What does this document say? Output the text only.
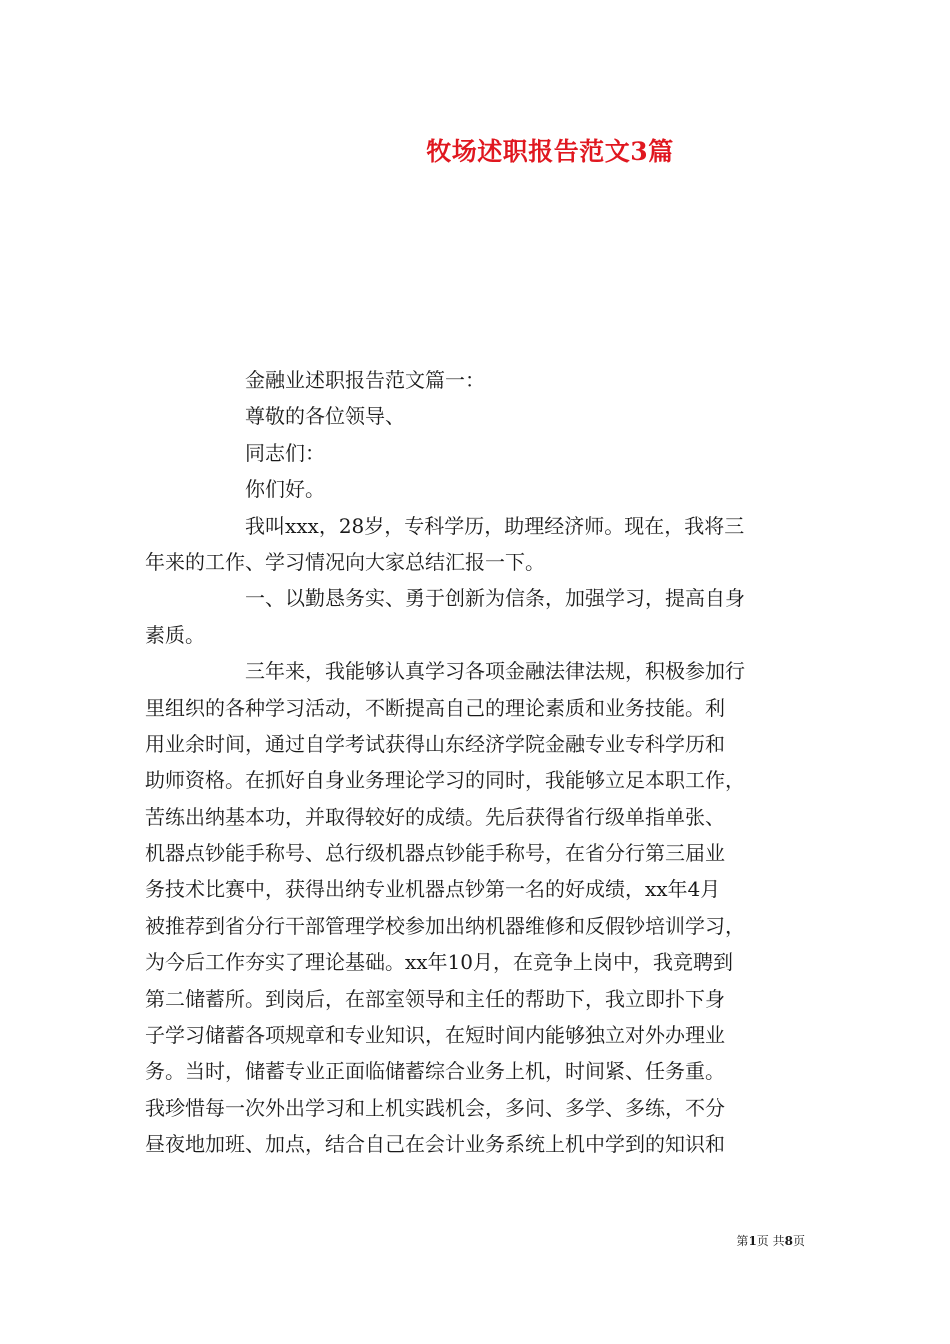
牧场述职报告范文3篇
金融业述职报告范文篇一：
尊敬的各位领导、
同志们：
你们好。
我叫xxx，28岁，专科学历，助理经济师。现在，我将三
年来的工作、学习情况向大家总结汇报一下。
一、以勤恳务实、勇于创新为信条，加强学习，提高自身
素质。
三年来，我能够认真学习各项金融法律法规，积极参加行
里组织的各种学习活动，不断提高自己的理论素质和业务技能。利
用业余时间，通过自学考试获得山东经济学院金融专业专科学历和
助师资格。在抓好自身业务理论学习的同时，我能够立足本职工作，
苦练出纳基本功，并取得较好的成绩。先后获得省行级单指单张、
机器点钞能手称号、总行级机器点钞能手称号，在省分行第三届业
务技术比赛中，获得出纳专业机器点钞第一名的好成绩，xx年4月
被推荐到省分行干部管理学校参加出纳机器维修和反假钞培训学习，
为今后工作夯实了理论基础。xx年10月，在竞争上岗中，我竞聘到
第二储蓄所。到岗后，在部室领导和主任的帮助下，我立即扑下身
子学习储蓄各项规章和专业知识，在短时间内能够独立对外办理业
务。当时，储蓄专业正面临储蓄综合业务上机，时间紧、任务重。
我珍惜每一次外出学习和上机实践机会，多问、多学、多练，不分
昼夜地加班、加点，结合自己在会计业务系统上机中学到的知识和
第1页 共8页
